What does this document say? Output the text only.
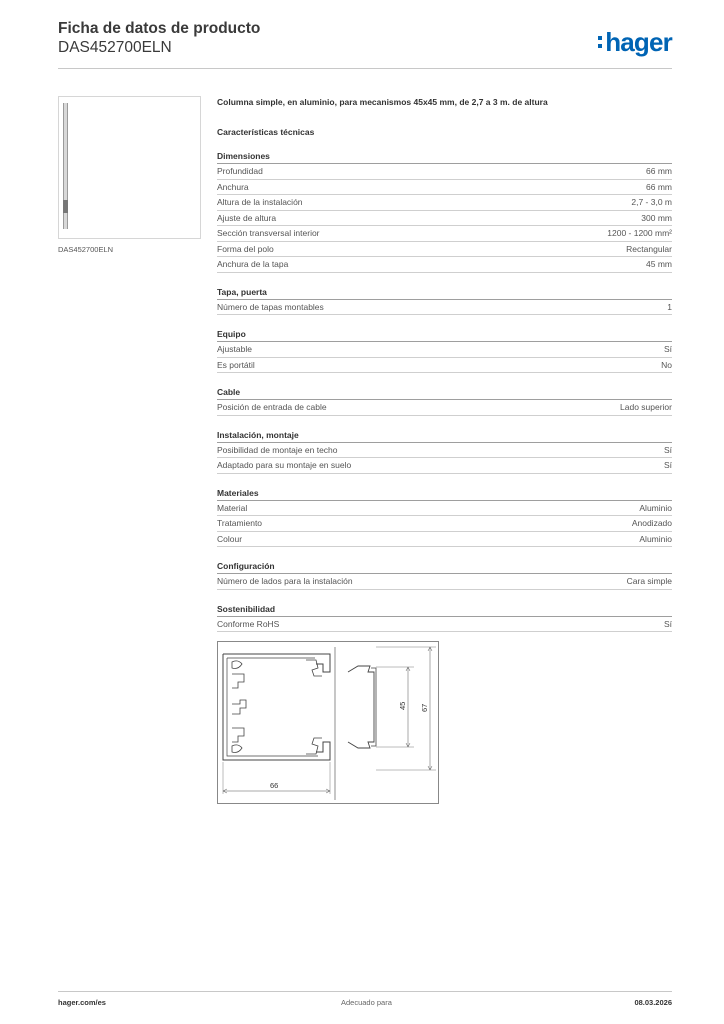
Ficha de datos de producto
DAS452700ELN	hager
DAS452700ELN
Columna simple, en aluminio, para mecanismos 45x45 mm, de 2,7 a 3 m. de altura
Características técnicas
Dimensiones
Profundidad	66 mm
Anchura	66 mm
Altura de la instalación	2,7 - 3,0 m
Ajuste de altura	300 mm
Sección transversal interior	1200 - 1200 mm²
Forma del polo	Rectangular
Anchura de la tapa	45 mm
Tapa, puerta
Número de tapas montables	1
Equipo
Ajustable	Sí
Es portátil	No
Cable
Posición de entrada de cable	Lado superior
Instalación, montaje
Posibilidad de montaje en techo	Sí
Adaptado para su montaje en suelo	Sí
Materiales
Material	Aluminio
Tratamiento	Anodizado
Colour	Aluminio
Configuración
Número de lados para la instalación	Cara simple
Sostenibilidad
Conforme RoHS	Sí
66
45 67
hager.com/es	Adecuado para	08.03.2026
